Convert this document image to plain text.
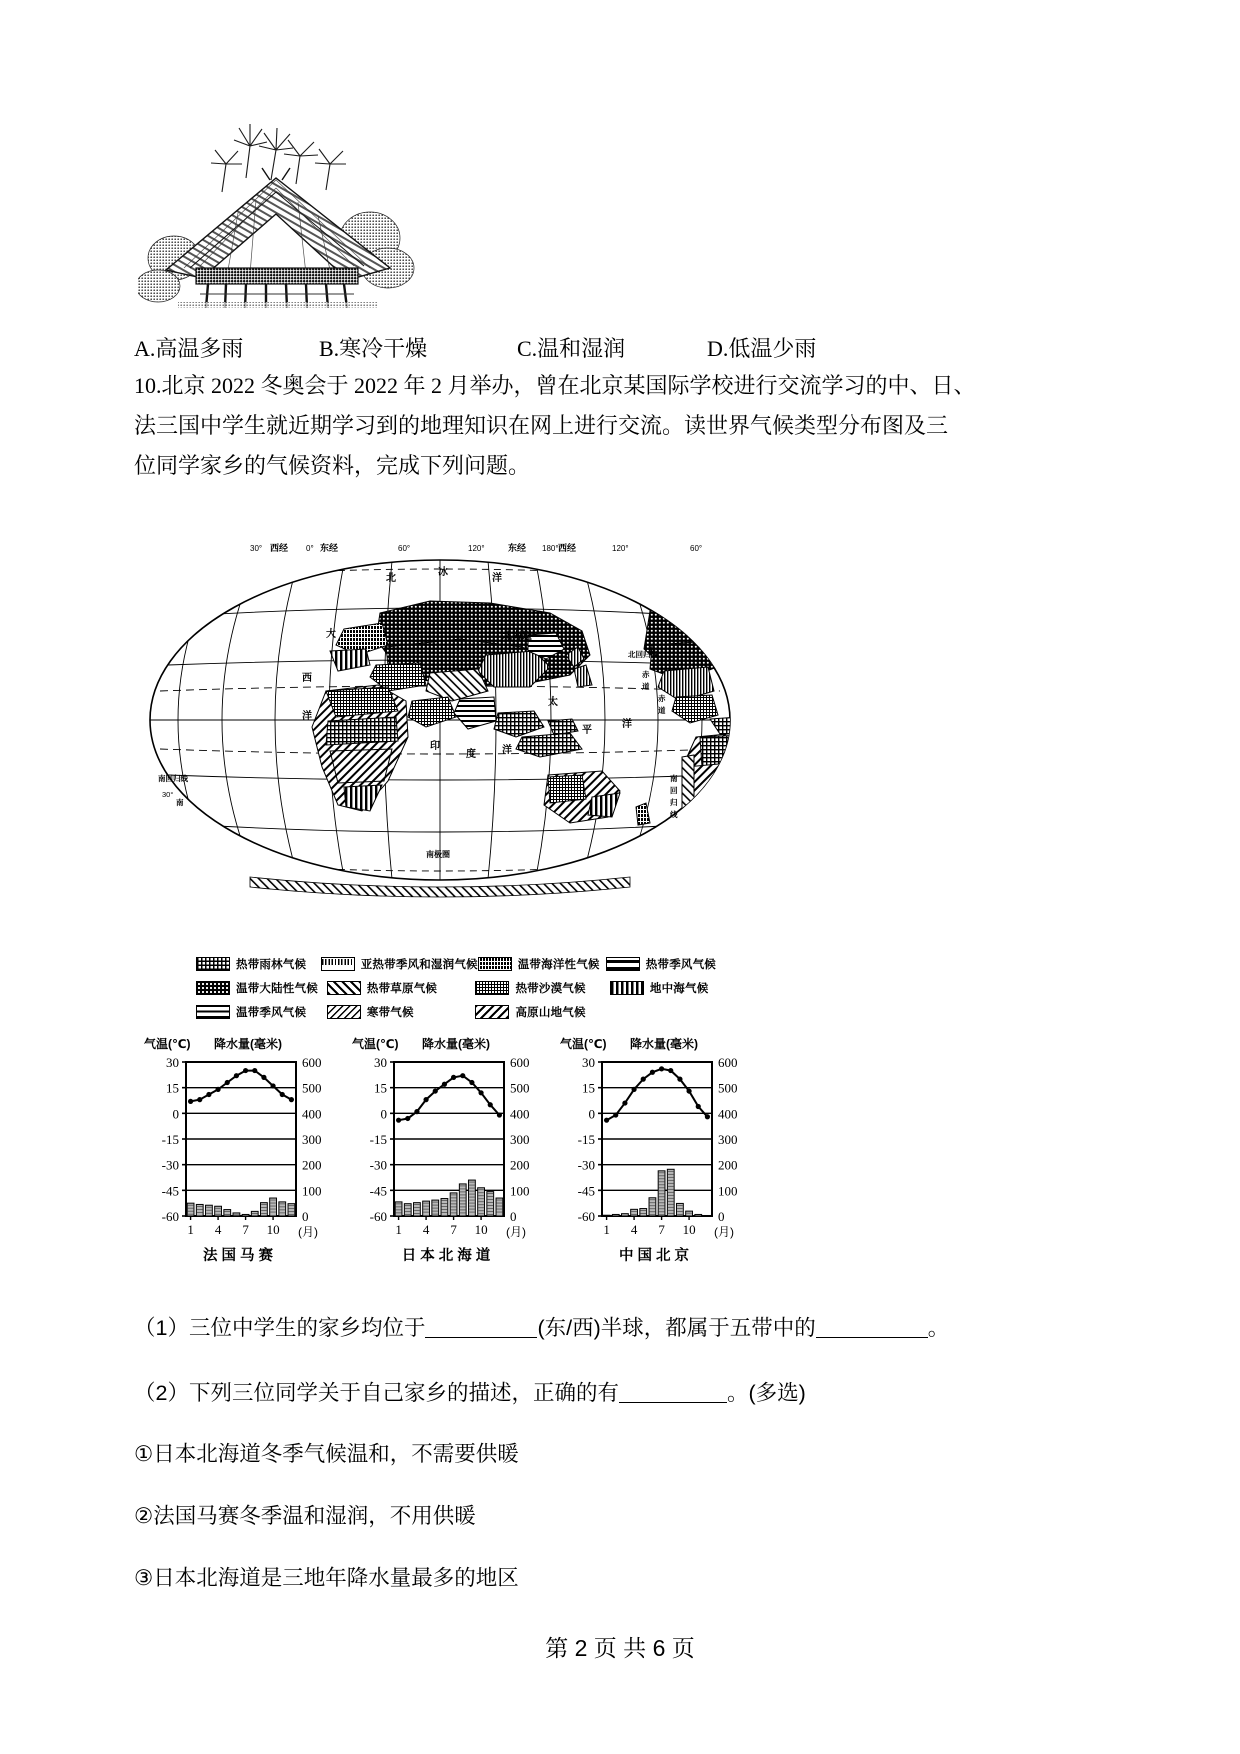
A.高温多雨	B.寒冷干燥	C.温和湿润	D.低温少雨

10.北京 2022 冬奥会于 2022 年 2 月举办，曾在北京某国际学校进行交流学习的中、日、

法三国中学生就近期学习到的地理知识在网上进行交流。读世界气候类型分布图及三

位同学家乡的气候资料，完成下列问题。

30° 西经 0° 东经	60°	120°	东经 180° 西经	120°	60°
北
冰
洋
大
西
洋
太
平
洋
印
度	洋
北海道
北回归线
赤
道
南回归线
30°
南
赤
道
南极圈
南
回
归
线
热带雨林气候	亚热带季风和湿润气候	温带海洋性气候	热带季风气候
温带大陆性气候	热带草原气候	热带沙漠气候	地中海气候
温带季风气候	寒带气候	高原山地气候
气温(℃) 降水量(毫米)
30	600
15	500
0	400
-15	300
-30	200
-45	100
-60	0
1 4 7 10 (月)
法国马赛
气温(℃) 降水量(毫米)
30	600
15	500
0	400
-15	300
-30	200
-45	100
-60	0
1 4 7 10 (月)
日本北海道
气温(℃) 降水量(毫米)
30	600
15	500
0	400
-15	300
-30	200
-45	100
-60	0
1 4 7 10 (月)
中国北京

（1）三位中学生的家乡均位于	(东/西)半球，都属于五带中的	。

（2）下列三位同学关于自己家乡的描述，正确的有	。(多选)

①日本北海道冬季气候温和，不需要供暖

②法国马赛冬季温和湿润，不用供暖

③日本北海道是三地年降水量最多的地区

第 2 页 共 6 页
